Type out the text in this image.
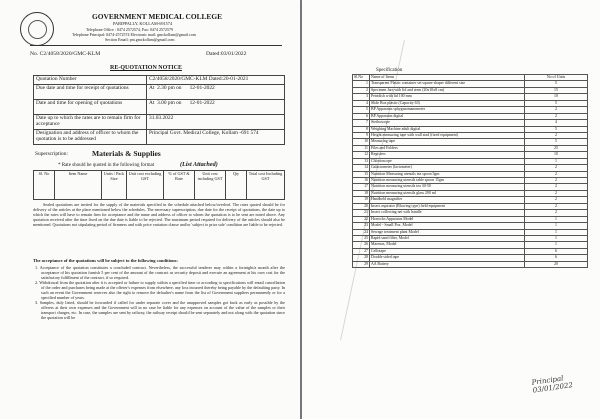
GOVERNMENT MEDICAL COLLEGE
PARIPPALLY, KOLLAM-691574
Telephone Office : 0474 2572574, Fax: 0474 2572579
Telephone Principal: 0474-2572574 Electronic mail: gmckollam@gmail.com
Section Email: pm.gmckollam@gmail.com
No. C2/4058/2020/GMC-KLM	Dated:03/01/2022
RE-QUOTATION NOTICE
Quotation Number	C2/4058/2020/GMC-KLM Dated:20-01-2021
Due date and time for receipt of quotations	At  2.30 pm on      12-01-2022
Date and time for opening of quotations	At  3.00 pm on      12-01-2022
Date up to which the rates are to remain firm for acceptance	31.03.2022
Designation and address of officer to whom the quotation is to be addressed	Principal Govt. Medical College, Kollam -691 574
Superscription:	Materials & Supplies
* Rate should be quoted in the following format	(List Attached)
Sl. No	Item Name	Units / Pack Size	Unit cost excluding GST	% of GST & Rate	Unit cost including GST	Qty	Total cost Including GST

Sealed quotations are invited for the supply of the materials specified in the schedule attached below/overleaf. The rates quoted should be for delivery of the articles at the place mentioned below the schedules. The necessary superscription, due date for the receipt of quotations, the date up to which the rates will have to remain firm for acceptance and the name and address of officer to whom the quotation is to be sent are noted above. Any quotation received after the time fixed on the due date is liable to be rejected. The maximum period required for delivery of the articles should also be mentioned. Quotations not stipulating period of firmness and with price variation clause and/or 'subject to prior sale' condition are liable to be rejected.

The acceptance of the quotations will be subject to the following conditions:
1. Acceptance of the quotation constitutes a concluded contract. Nevertheless, the successful tenderer may within a fortnight/a month after the acceptance of his quotation furnish 5 per cent of the amount of the contract as security deposit and execute an agreement at his own cost for the satisfactory fulfillment of the contract, if so required.
2. Withdrawal from the quotation after it is accepted or failure to supply within a specified time or according to specifications will entail cancellation of the order and purchases being made at the offerer's expenses from elsewhere, any loss incurred thereby being payable by the defaulting party. In such an event the Government reserves also the right to remove the defaulter's name from the list of Government suppliers permanently or for a specified number of years.
3. Samples, duly listed, should be forwarded if called for under separate cover and the unapproved samples got back as early as possible by the offerers at their own expenses and the Government will in no case be liable for any expenses on account of the value of the samples or their transport charges, etc. In case, the samples are sent by railway, the railway receipt should be sent separately and not along with the quotation since the quotation will be
Specification
Sl.No	Name of Items	No of Units
1	Transparent Plastic container set square shaper different size	5
2	Specimen Jars with lid and stem (20x10x8 cm)	15
3	Petridish with lid 100 mm	10
4	Slide Box plastic (Capacity 63)	5
5	BP Apparatus sphygmomanometer	2
6	BP Apparatus digital	2
7	Stethoscope	4
8	Weighing Machine adult digital	5
9	Height measuring tape with wall stad (fixed equipment)	2
10	Measuring tape	5
11	Files and Folders	25
12	Registers	10
13	Chlorioscope	1
14	Galactometer (lactometer)	2
15	Nutrition Measuring utensils tea spoon 5gm	2
16	Nutrition measuring utensils table spoon 15gm	2
17	Nutrition measuring utensils tea 30-50	2
18	Nutrition measuring utensils glass 200 ml	2
19	Handheld magnifier	2
20	Insect aspirator (Blowing type) field equipment	2
21	Insect collecting net with handle	2
22	Horrocks Apparatus Model	1
23	Model - Small Pox, Model	1
24	Sewage treatment plant Model	1
25	Rapid sand filter, Model	1
26	Marenas, Model	1
27	Cellotape	6
28	Double sided tape	6
29	AA Battery	20
Principal 03/01/2022
